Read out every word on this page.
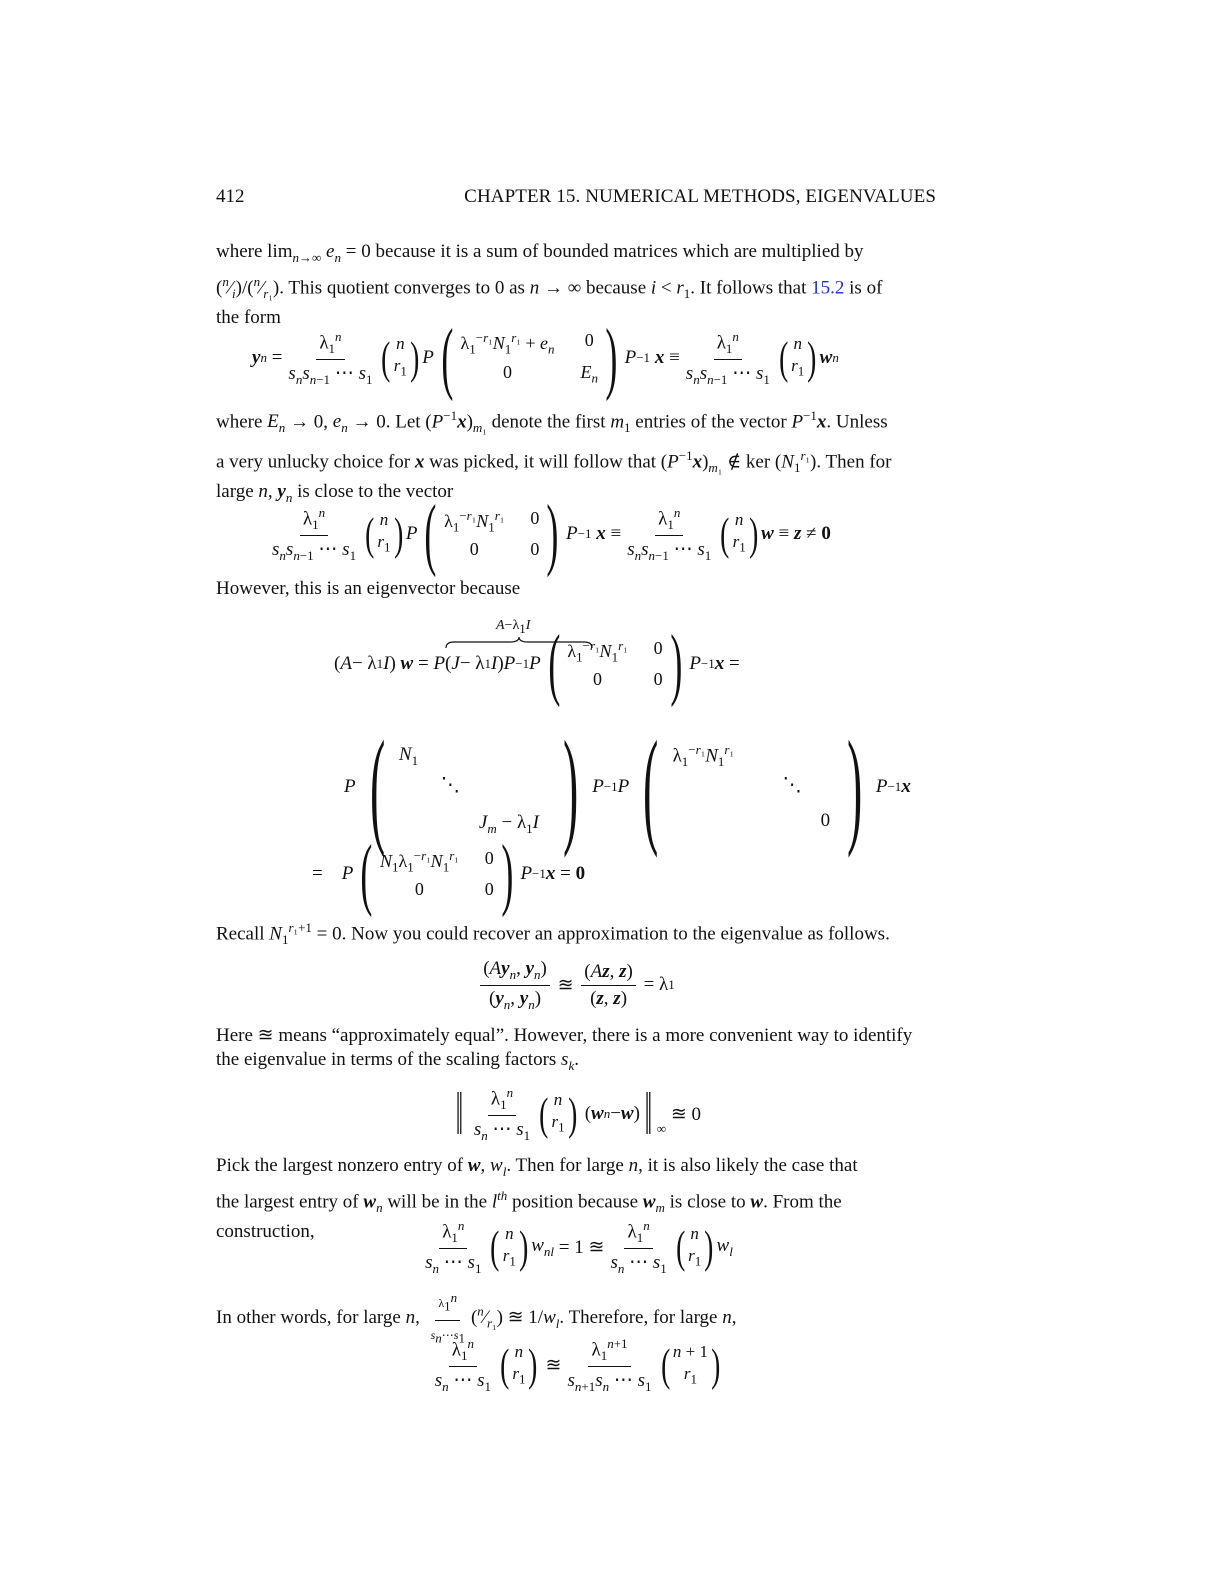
412	CHAPTER 15. NUMERICAL METHODS, EIGENVALUES
where $\lim_{n\to\infty} e_n = 0$ because it is a sum of bounded matrices which are multiplied by
$(^n⁄_i)/(^n⁄_{r_1})$. This quotient converges to 0 as n → ∞ because $i < r_1$. It follows that 15.2 is of
the form
y $n = \frac{\lambda_1^n}{s_ns_{n-1} \cdots s_1}$ ( n
$r_1$ ) P ( $\lambda_1^{-r_1}N_1^{r_1} + e_n$ 0
0	$E_n$ ) P −1
$x \equiv \frac{\lambda_1^n}{s_ns_{n-1} \cdots s_1}$ ( n
$r_1$ ) w n
where $E_n \to 0$, $e_n \to 0$. Let $(P^{-1}x)_{m_1}$ denote the first $m_1$ entries of the vector $P^{-1}x$. Unless
a very unlucky choice for x was picked, it will follow that $(P^{-1}x)_{m_1}$ ∉ ker $(N_1^{r_1})$. Then for
large n, $y_n$ is close to the vector
$\frac{\lambda_1^n}{s_ns_{n-1} \cdots s_1}$ ( n
$r_1$ ) P ( $\lambda_1^{-r_1}N_1^{r_1}$ 0
0	0 ) P −1
$x \equiv \frac{\lambda_1^n}{s_ns_{n-1} \cdots s_1}$ ( n
$r_1$ ) w ≡ z ≠ 0
However, this is an eigenvector because
$A-\lambda_1I$
( A − λ 1 I ) w = P ( J − λ 1 I ) P −1 P ( $\lambda_1^{-r_1}N_1^{r_1}$ 0
0	0 ) P −1 x =
P ( $N_1$
⋱
$J_m - \lambda_1I$ ) P −1 P ( $\lambda_1^{-r_1}N_1^{r_1}$
⋱
0 ) P −1 x
= P ( $N_1\lambda_1^{-r_1}N_1^{r_1}$ 0
0	0 ) P −1 x = 0
Recall $N_1^{r_1+1} = 0$. Now you could recover an approximation to the eigenvalue as follows.
$\frac{(Ay_n, y_n)}{(y_n, y_n)}$ ≊ $\frac{(Az, z)}{(z, z)} = \lambda$ 1
Here ≊ means “approximately equal”. However, there is a more convenient way to identify
the eigenvalue in terms of the scaling factors $s_k$.
‖ $\frac{\lambda_1^n}{s_n \cdots s_1}$ ( n
$r_1$ ) ( w n − w ) ‖ $_\infty$
≊ 0
Pick the largest nonzero entry of w, $w_l$. Then for large n, it is also likely the case that
the largest entry of $w_n$ will be in the $l^{th}$ position because $w_m$ is close to w. From the
construction,	$\frac{\lambda_1^n}{s_n \cdots s_1}$ ( n
$r_1$ ) $w_{nl} = 1$ ≊ $\frac{\lambda_1^n}{s_n \cdots s_1}$ ( n
$r_1$ ) $w_l$
In other words, for large n, $\frac{\lambda_1^n}{s_n\cdots s_1}$ $(^n⁄_{r_1})$ ≊ $1/w_l$. Therefore, for large n,
$\frac{\lambda_1^n}{s_n \cdots s_1}$ ( n
$r_1$ ) ≊ $\frac{\lambda_1^{n+1}}{s_{n+1}s_n \cdots s_1}$ ( n + 1
$r_1$ )
